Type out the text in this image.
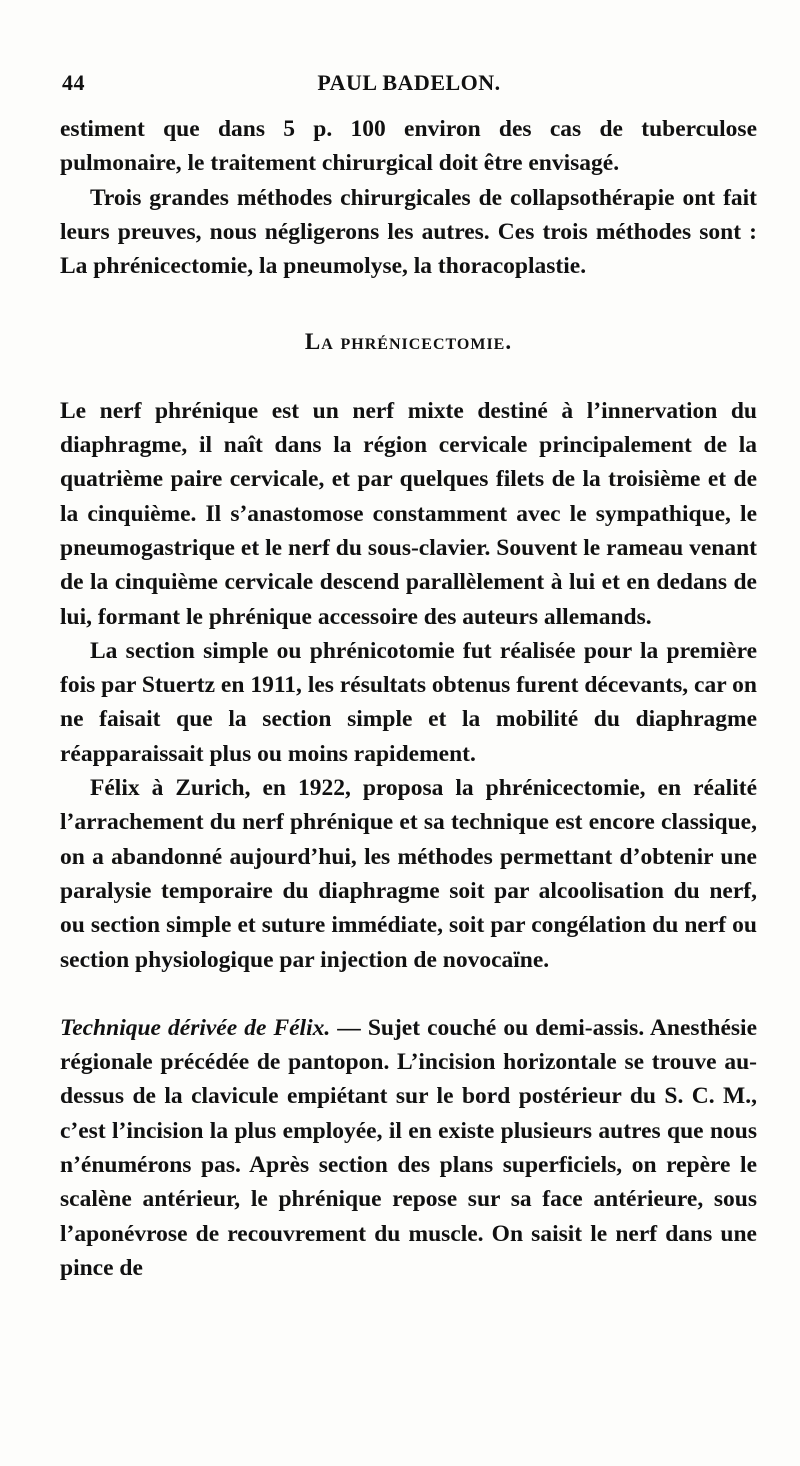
44	PAUL BADELON.

estiment que dans 5 p. 100 environ des cas de tuberculose pulmonaire, le traitement chirurgical doit être envisagé.

Trois grandes méthodes chirurgicales de collapsothérapie ont fait leurs preuves, nous négligerons les autres. Ces trois méthodes sont : La phrénicectomie, la pneumolyse, la thoracoplastie.

La phrénicectomie.

Le nerf phrénique est un nerf mixte destiné à l’innervation du diaphragme, il naît dans la région cervicale principalement de la quatrième paire cervicale, et par quelques filets de la troisième et de la cinquième. Il s’anastomose constamment avec le sympathique, le pneumogastrique et le nerf du sous-clavier. Souvent le rameau venant de la cinquième cervicale descend parallèlement à lui et en dedans de lui, formant le phrénique accessoire des auteurs allemands.

La section simple ou phrénicotomie fut réalisée pour la première fois par Stuertz en 1911, les résultats obtenus furent décevants, car on ne faisait que la section simple et la mobilité du diaphragme réapparaissait plus ou moins rapidement.

Félix à Zurich, en 1922, proposa la phrénicectomie, en réalité l’arrachement du nerf phrénique et sa technique est encore classique, on a abandonné aujourd’hui, les méthodes permettant d’obtenir une paralysie temporaire du diaphragme soit par alcoolisation du nerf, ou section simple et suture immédiate, soit par congélation du nerf ou section physiologique par injection de novocaïne.

Technique dérivée de Félix. — Sujet couché ou demi-assis. Anesthésie régionale précédée de pantopon. L’incision horizontale se trouve au-dessus de la clavicule empiétant sur le bord postérieur du S. C. M., c’est l’incision la plus employée, il en existe plusieurs autres que nous n’énumérons pas. Après section des plans superficiels, on repère le scalène antérieur, le phrénique repose sur sa face antérieure, sous l’aponévrose de recouvrement du muscle. On saisit le nerf dans une pince de
